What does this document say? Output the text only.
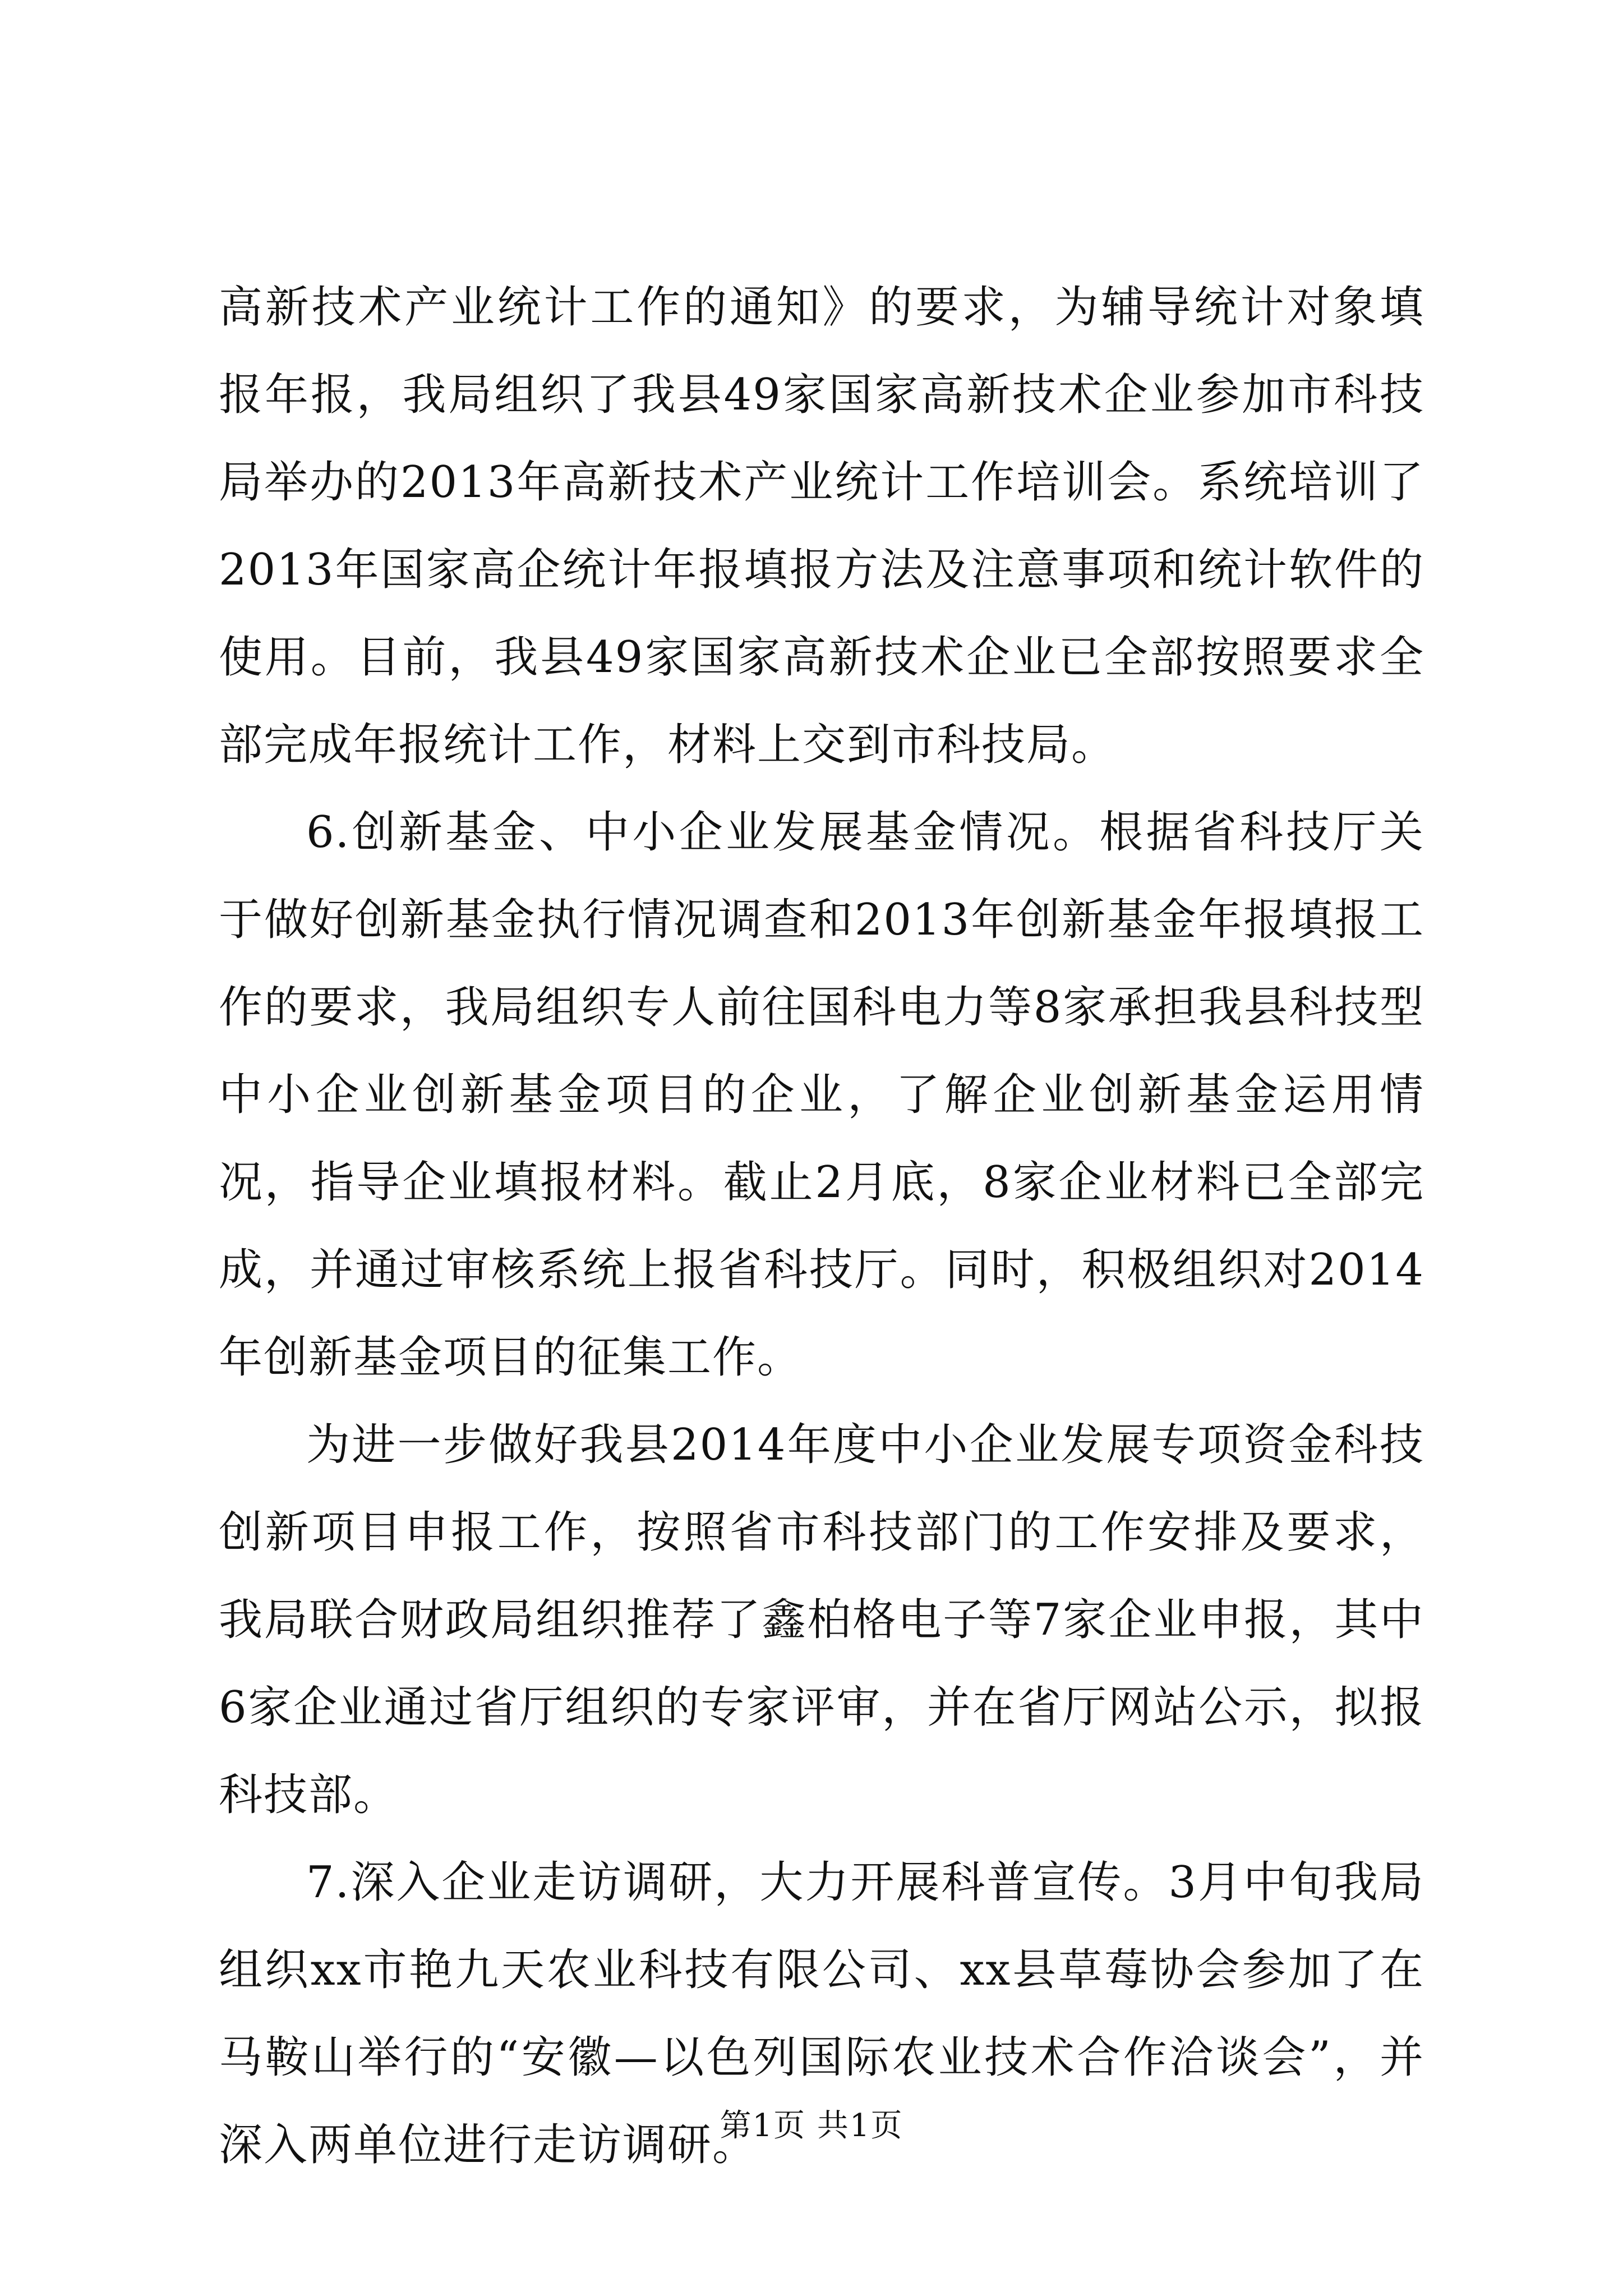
高新技术产业统计工作的通知》的要求，为辅导统计对象填报年报，我局组织了我县49家国家高新技术企业参加市科技局举办的2013年高新技术产业统计工作培训会。系统培训了2013年国家高企统计年报填报方法及注意事项和统计软件的使用。目前，我县49家国家高新技术企业已全部按照要求全部完成年报统计工作，材料上交到市科技局。

6.创新基金、中小企业发展基金情况。根据省科技厅关于做好创新基金执行情况调查和2013年创新基金年报填报工作的要求，我局组织专人前往国科电力等8家承担我县科技型中小企业创新基金项目的企业，了解企业创新基金运用情况，指导企业填报材料。截止2月底，8家企业材料已全部完成，并通过审核系统上报省科技厅。同时，积极组织对2014年创新基金项目的征集工作。

为进一步做好我县2014年度中小企业发展专项资金科技创新项目申报工作，按照省市科技部门的工作安排及要求，我局联合财政局组织推荐了鑫柏格电子等7家企业申报，其中6家企业通过省厅组织的专家评审，并在省厅网站公示，拟报科技部。

7.深入企业走访调研，大力开展科普宣传。3月中旬我局组织xx市艳九天农业科技有限公司、xx县草莓协会参加了在马鞍山举行的“安徽—以色列国际农业技术合作洽谈会”，并深入两单位进行走访调研。

第1页 共1页
